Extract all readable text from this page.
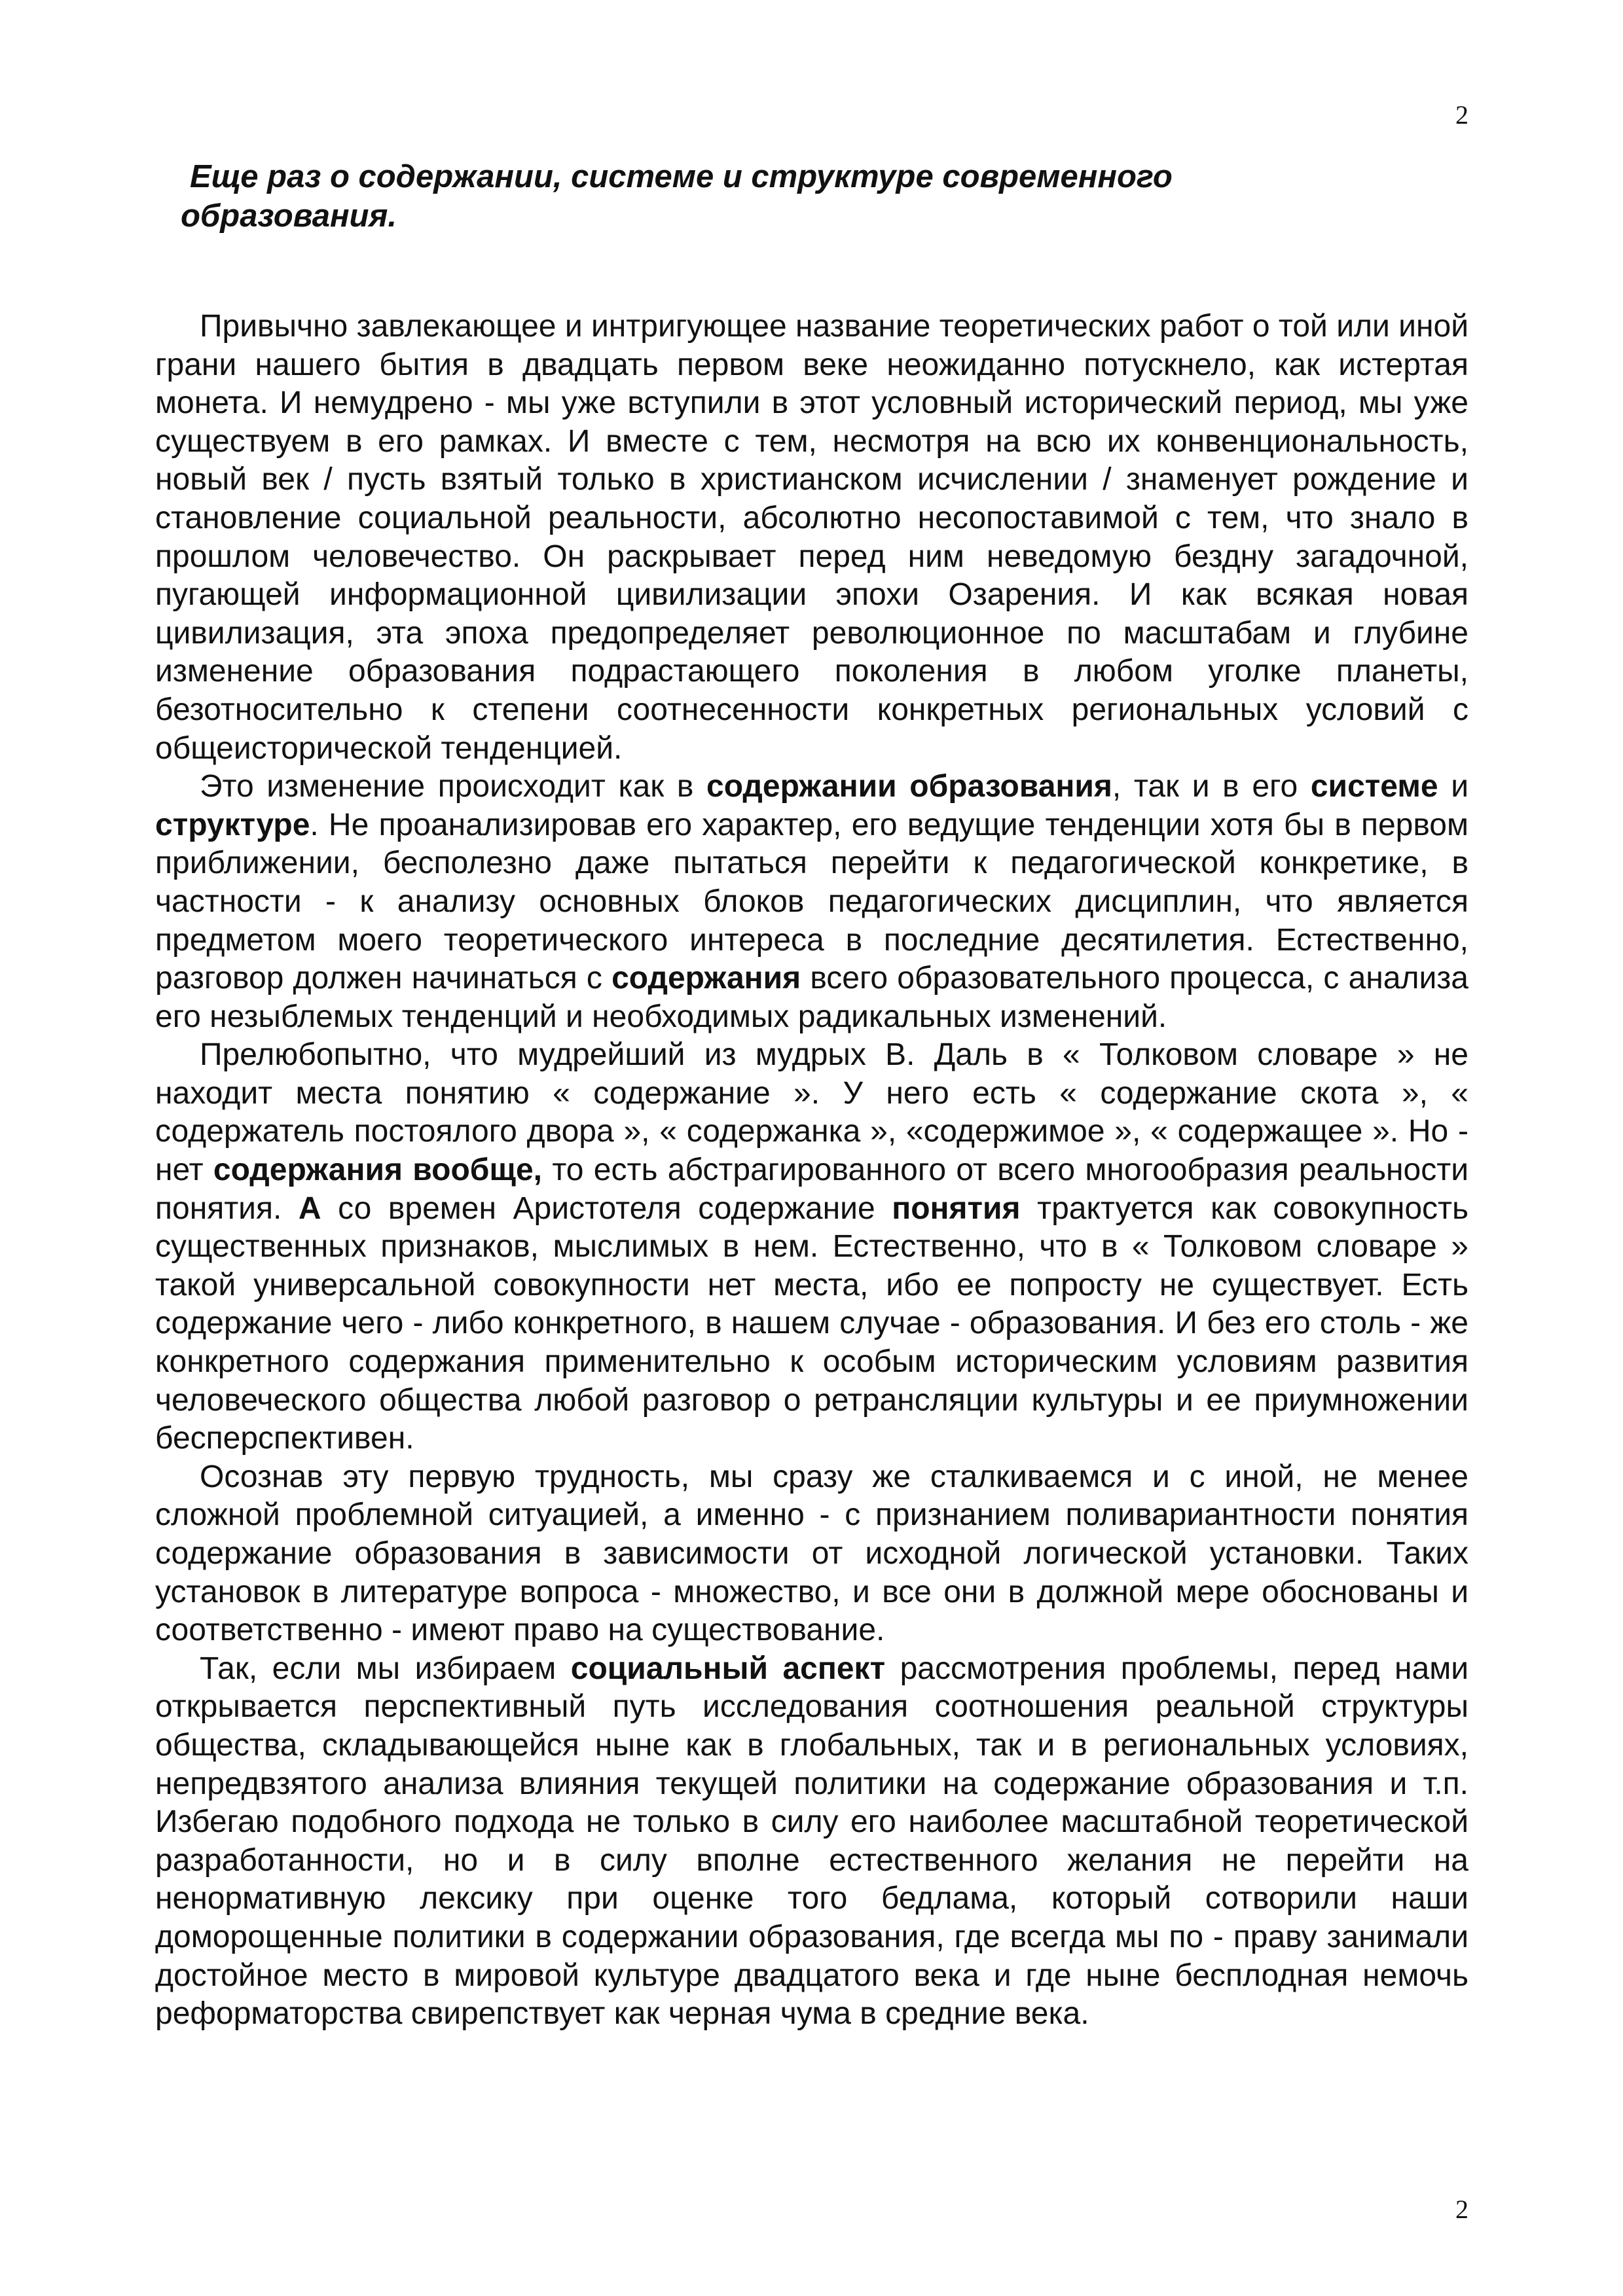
2
Еще раз о содержании, системе и структуре современного
образования.

Привычно завлекающее и интригующее название теоретических работ о той или иной грани нашего бытия в двадцать первом веке неожиданно потускнело, как истертая монета. И немудрено - мы уже вступили в этот условный исторический период, мы уже существуем в его рамках. И вместе с тем, несмотря на всю их конвенциональность, новый век / пусть взятый только в христианском исчислении / знаменует рождение и становление социальной реальности, абсолютно несопоставимой с тем, что знало в прошлом человечество. Он раскрывает перед ним неведомую бездну загадочной, пугающей информационной цивилизации эпохи Озарения. И как всякая новая цивилизация, эта эпоха предопределяет революционное по масштабам и глубине изменение образования подрастающего поколения в любом уголке планеты, безотносительно к степени соотнесенности конкретных региональных условий с общеисторической тенденцией.

Это изменение происходит как в содержании образования, так и в его системе и структуре. Не проанализировав его характер, его ведущие тенденции хотя бы в первом приближении, бесполезно даже пытаться перейти к педагогической конкретике, в частности - к анализу основных блоков педагогических дисциплин, что является предметом моего теоретического интереса в последние десятилетия. Естественно, разговор должен начинаться с содержания всего образовательного процесса, с анализа его незыблемых тенденций и необходимых радикальных изменений.

Прелюбопытно, что мудрейший из мудрых В. Даль в « Толковом словаре » не находит места понятию « содержание ». У него есть « содержание скота », « содержатель постоялого двора », « содержанка », «содержимое », « содержащее ». Но - нет содержания вообще, то есть абстрагированного от всего многообразия реальности понятия. А со времен Аристотеля содержание понятия трактуется как совокупность существенных признаков, мыслимых в нем. Естественно, что в « Толковом словаре » такой универсальной совокупности нет места, ибо ее попросту не существует. Есть содержание чего - либо конкретного, в нашем случае - образования. И без его столь - же конкретного содержания применительно к особым историческим условиям развития человеческого общества любой разговор о ретрансляции культуры и ее приумножении бесперспективен.

Осознав эту первую трудность, мы сразу же сталкиваемся и с иной, не менее сложной проблемной ситуацией, а именно - с признанием поливариантности понятия содержание образования в зависимости от исходной логической установки. Таких установок в литературе вопроса - множество, и все они в должной мере обоснованы и соответственно - имеют право на существование.

Так, если мы избираем социальный аспект рассмотрения проблемы, перед нами открывается перспективный путь исследования соотношения реальной структуры общества, складывающейся ныне как в глобальных, так и в региональных условиях, непредвзятого анализа влияния текущей политики на содержание образования и т.п. Избегаю подобного подхода не только в силу его наиболее масштабной теоретической разработанности, но и в силу вполне естественного желания не перейти на ненормативную лексику при оценке того бедлама, который сотворили наши доморощенные политики в содержании образования, где всегда мы по - праву занимали достойное место в мировой культуре двадцатого века и где ныне бесплодная немочь реформаторства свирепствует как черная чума в средние века.

2
